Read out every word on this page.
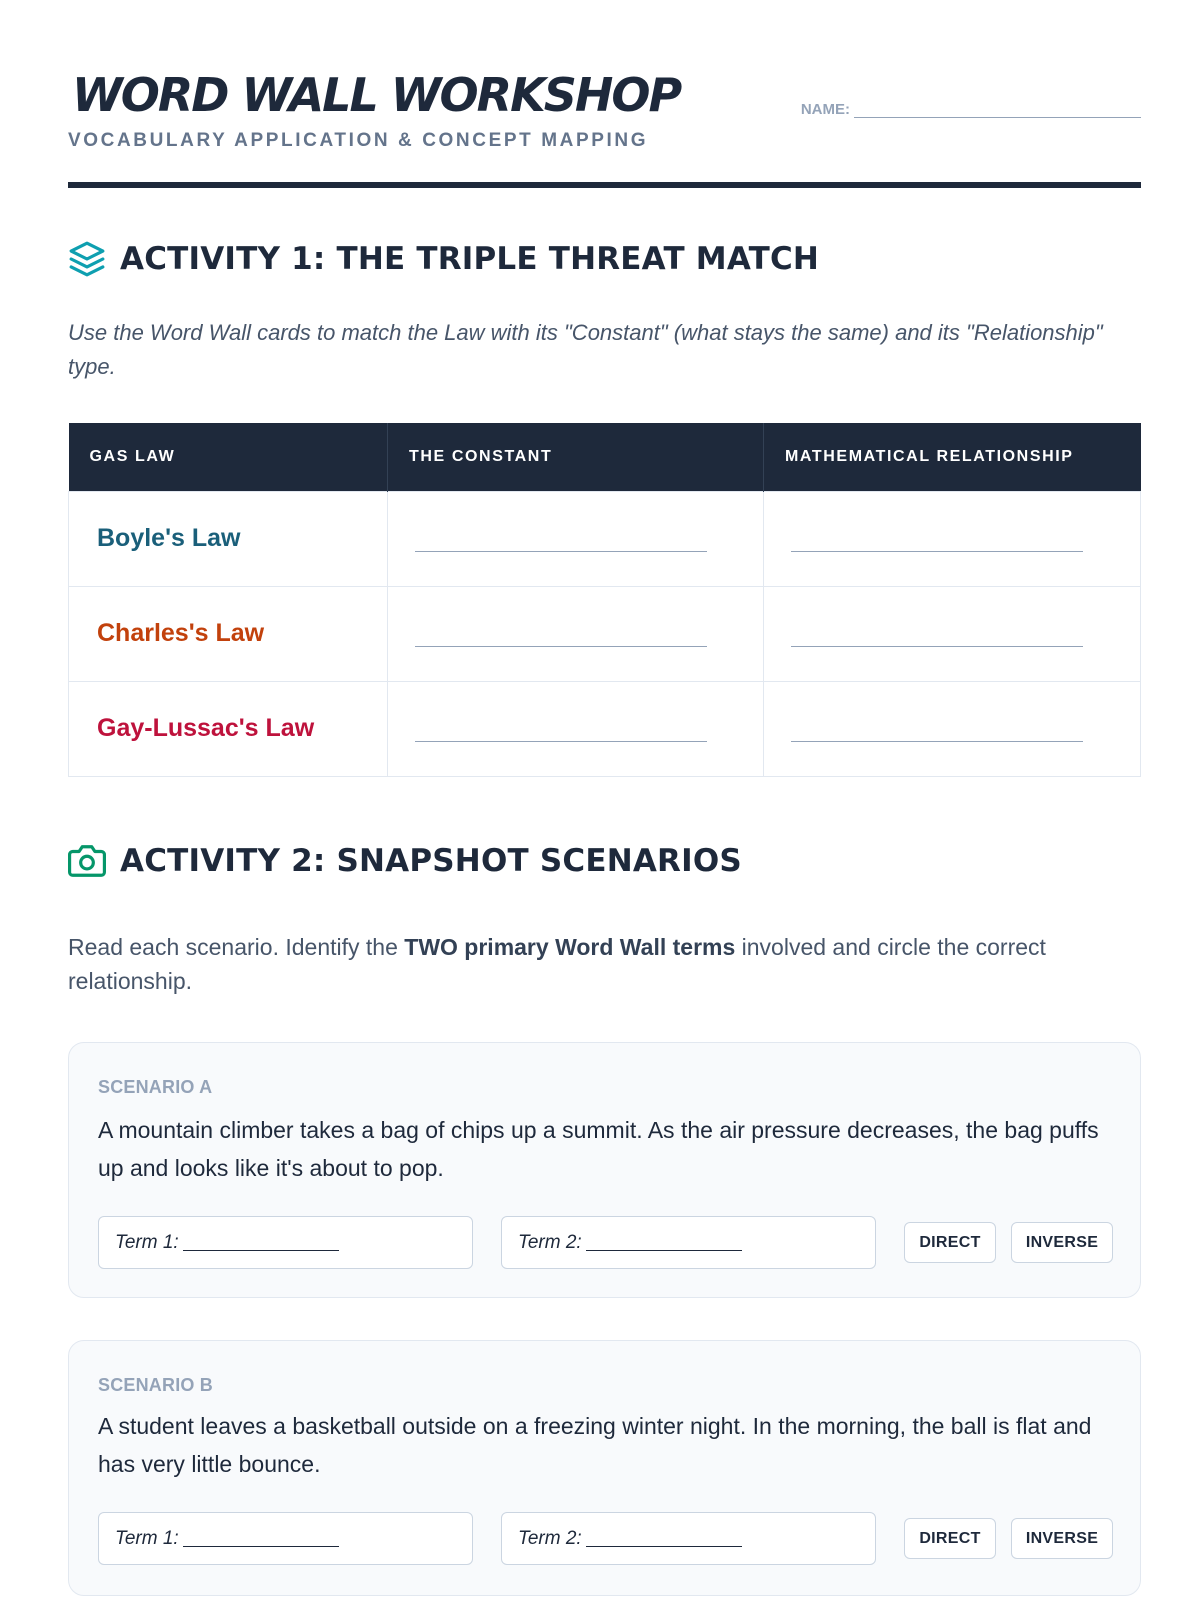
WORD WALL WORKSHOP
VOCABULARY APPLICATION & CONCEPT MAPPING
NAME:
ACTIVITY 1: THE TRIPLE THREAT MATCH
Use the Word Wall cards to match the Law with its "Constant" (what stays the same) and its "Relationship" type.
GAS LAW	THE CONSTANT	MATHEMATICAL RELATIONSHIP
Boyle's Law	

Charles's Law	

Gay-Lussac's Law	

ACTIVITY 2: SNAPSHOT SCENARIOS
Read each scenario. Identify the TWO primary Word Wall terms involved and circle the correct relationship.
SCENARIO A
A mountain climber takes a bag of chips up a summit. As the air pressure decreases, the bag puffs up and looks like it's about to pop.
Term 1:	Term 2:	DIRECT	INVERSE
SCENARIO B
A student leaves a basketball outside on a freezing winter night. In the morning, the ball is flat and has very little bounce.
Term 1:	Term 2:	DIRECT	INVERSE
